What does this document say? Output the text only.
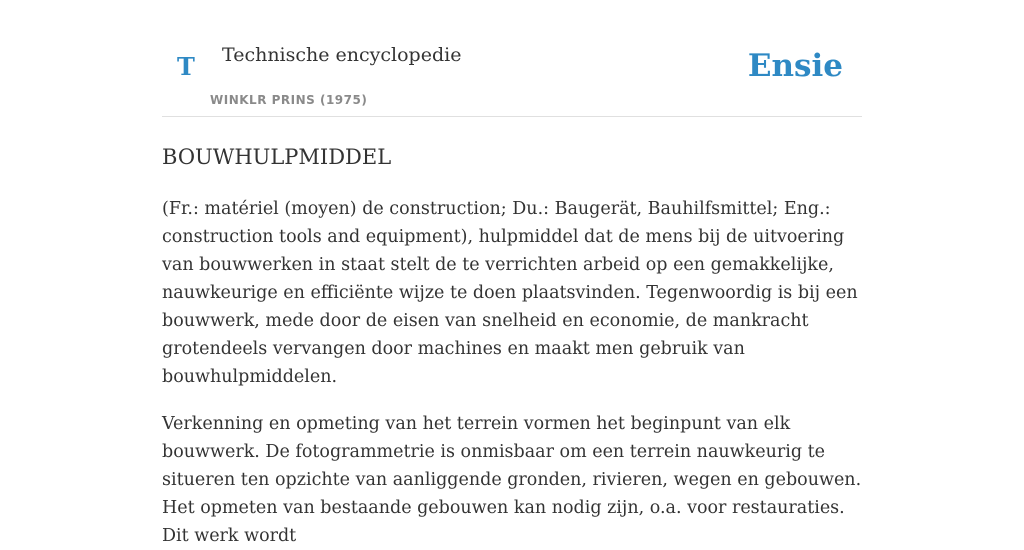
T Technische encyclopedie
WINKLR PRINS (1975)
Ensie
BOUWHULPMIDDEL

(Fr.: matériel (moyen) de construction; Du.: Baugerät, Bauhilfsmittel; Eng.: construction tools and equipment), hulpmiddel dat de mens bij de uitvoering van bouwwerken in staat stelt de te verrichten arbeid op een gemakkelijke, nauwkeurige en efficiënte wijze te doen plaatsvinden. Tegenwoordig is bij een bouwwerk, mede door de eisen van snelheid en economie, de mankracht grotendeels vervangen door machines en maakt men gebruik van bouwhulpmiddelen.

Verkenning en opmeting van het terrein vormen het beginpunt van elk bouwwerk. De fotogrammetrie is onmisbaar om een terrein nauwkeurig te situeren ten opzichte van aanliggende gronden, rivieren, wegen en gebouwen. Het opmeten van bestaande gebouwen kan nodig zijn, o.a. voor restauraties. Dit werk wordt
